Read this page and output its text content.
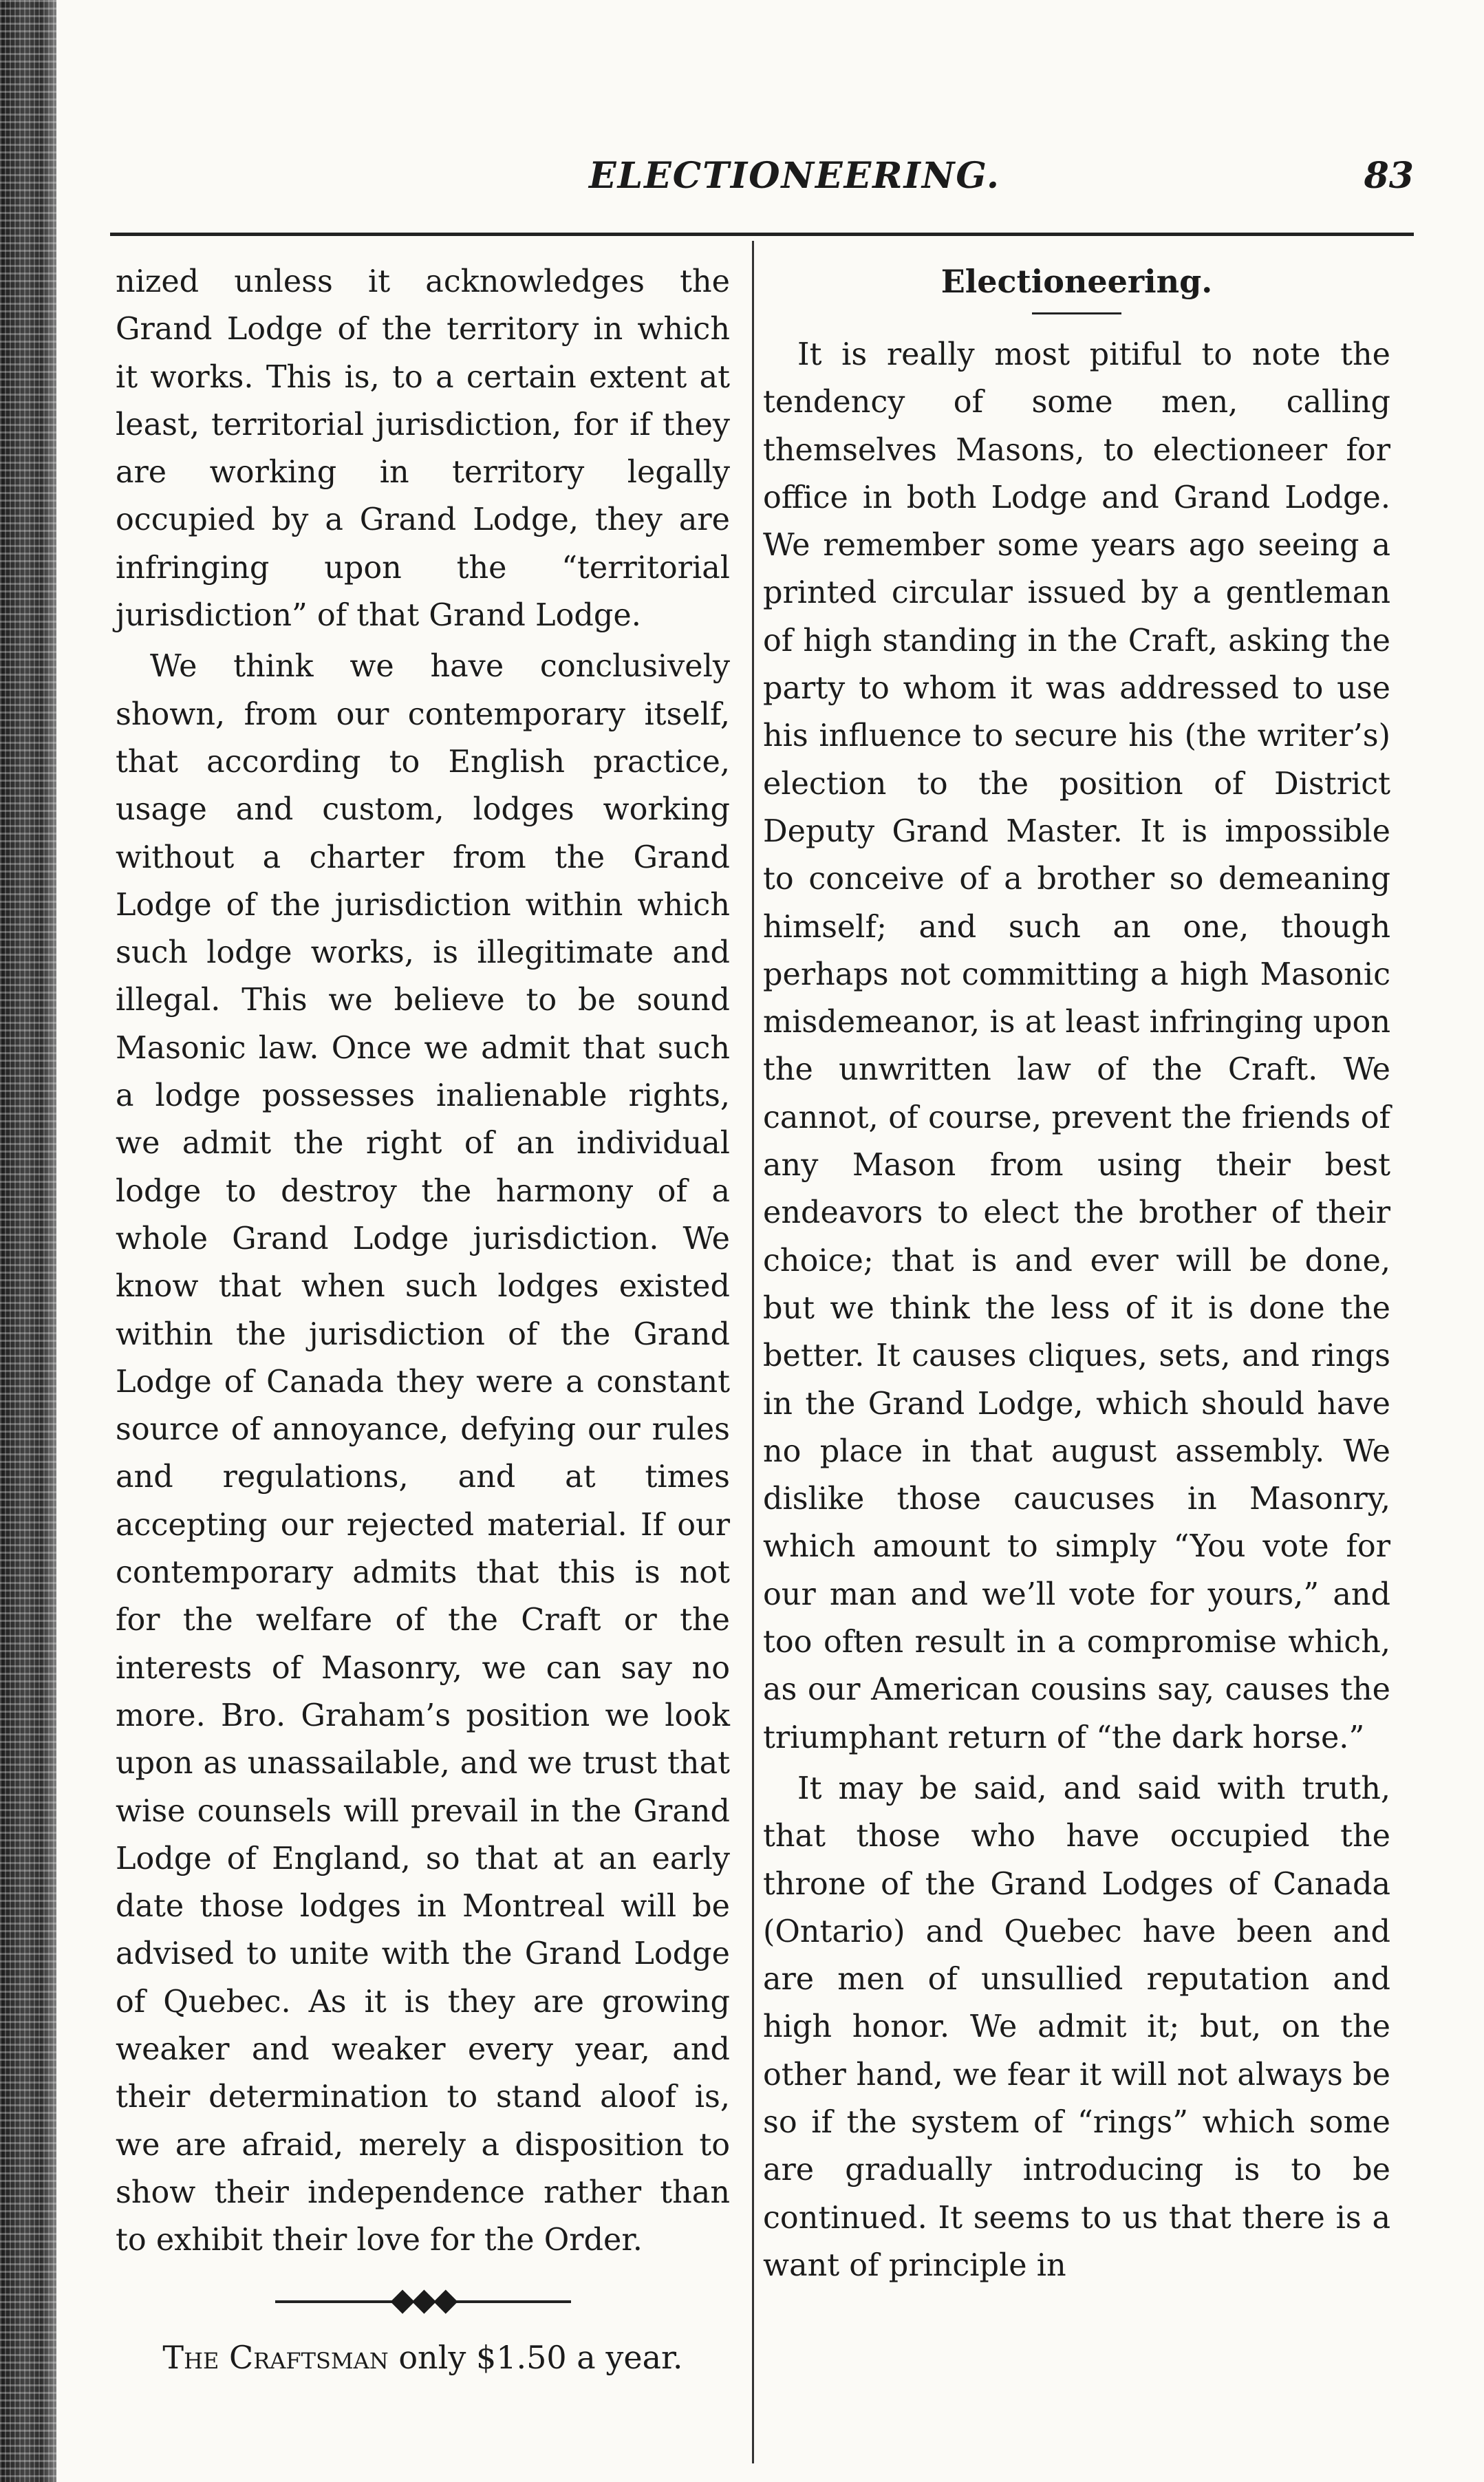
ELECTIONEERING.	83

nized unless it acknowledges the Grand Lodge of the territory in which it works. This is, to a certain extent at least, territorial jurisdiction, for if they are working in territory legally occupied by a Grand Lodge, they are infringing upon the “territorial jurisdiction” of that Grand Lodge.

We think we have conclusively shown, from our contemporary itself, that according to English practice, usage and custom, lodges working without a charter from the Grand Lodge of the jurisdiction within which such lodge works, is illegitimate and illegal. This we believe to be sound Masonic law. Once we admit that such a lodge possesses inalienable rights, we admit the right of an individual lodge to destroy the harmony of a whole Grand Lodge jurisdiction. We know that when such lodges existed within the jurisdiction of the Grand Lodge of Canada they were a constant source of annoyance, defying our rules and regulations, and at times accepting our rejected material. If our contemporary admits that this is not for the welfare of the Craft or the interests of Masonry, we can say no more. Bro. Graham’s position we look upon as unassailable, and we trust that wise counsels will prevail in the Grand Lodge of England, so that at an early date those lodges in Montreal will be advised to unite with the Grand Lodge of Quebec. As it is they are growing weaker and weaker every year, and their determination to stand aloof is, we are afraid, merely a disposition to show their independence rather than to exhibit their love for the Order.

◆◆◆

The Craftsman only $1.50 a year.

Electioneering.

It is really most pitiful to note the tendency of some men, calling themselves Masons, to electioneer for office in both Lodge and Grand Lodge. We remember some years ago seeing a printed circular issued by a gentleman of high standing in the Craft, asking the party to whom it was addressed to use his influence to secure his (the writer’s) election to the position of District Deputy Grand Master. It is impossible to conceive of a brother so demeaning himself; and such an one, though perhaps not committing a high Masonic misdemeanor, is at least infringing upon the unwritten law of the Craft. We cannot, of course, prevent the friends of any Mason from using their best endeavors to elect the brother of their choice; that is and ever will be done, but we think the less of it is done the better. It causes cliques, sets, and rings in the Grand Lodge, which should have no place in that august assembly. We dislike those caucuses in Masonry, which amount to simply “You vote for our man and we’ll vote for yours,” and too often result in a compromise which, as our American cousins say, causes the triumphant return of “the dark horse.”

It may be said, and said with truth, that those who have occupied the throne of the Grand Lodges of Canada (Ontario) and Quebec have been and are men of unsullied reputation and high honor. We admit it; but, on the other hand, we fear it will not always be so if the system of “rings” which some are gradually introducing is to be continued. It seems to us that there is a want of principle in
